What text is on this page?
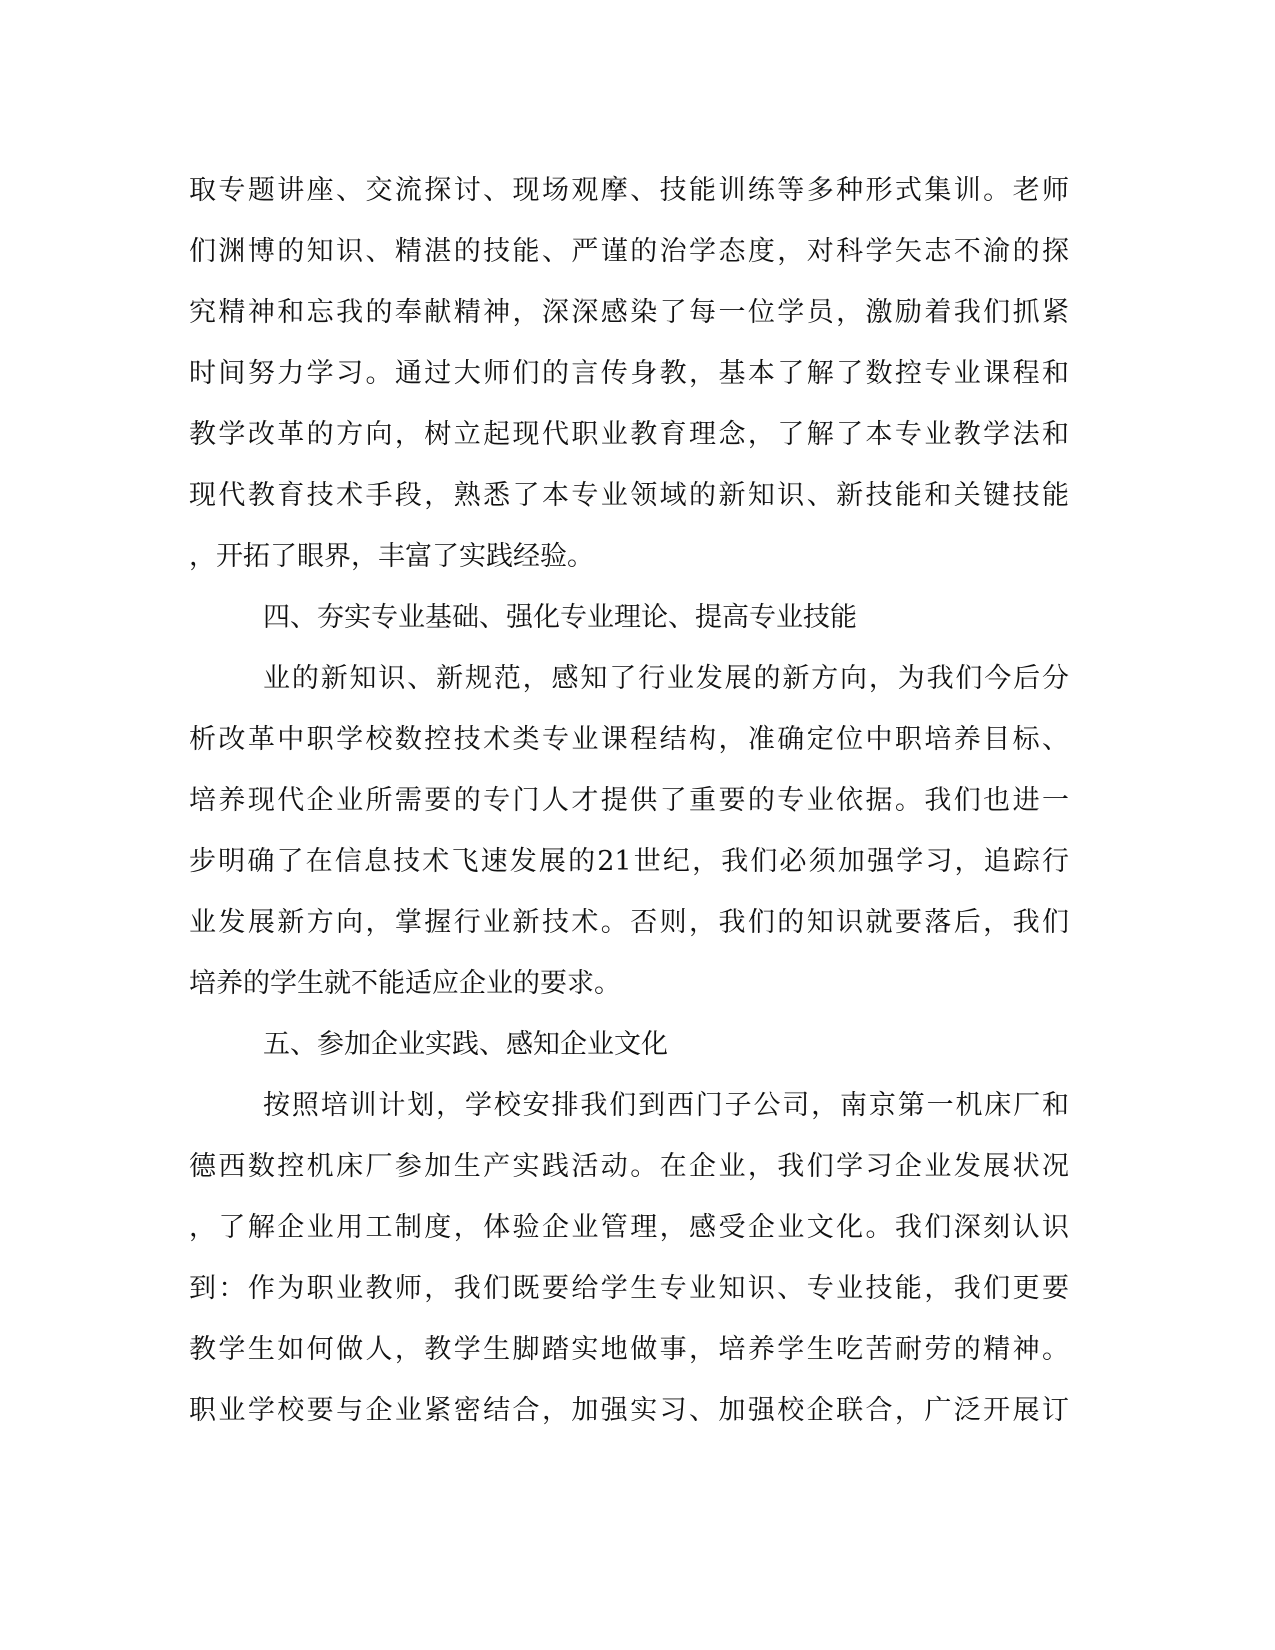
取专题讲座、交流探讨、现场观摩、技能训练等多种形式集训。老师
们渊博的知识、精湛的技能、严谨的治学态度，对科学矢志不渝的探
究精神和忘我的奉献精神，深深感染了每一位学员，激励着我们抓紧
时间努力学习。通过大师们的言传身教，基本了解了数控专业课程和
教学改革的方向，树立起现代职业教育理念，了解了本专业教学法和
现代教育技术手段，熟悉了本专业领域的新知识、新技能和关键技能
，开拓了眼界，丰富了实践经验。
四、夯实专业基础、强化专业理论、提高专业技能
业的新知识、新规范，感知了行业发展的新方向，为我们今后分
析改革中职学校数控技术类专业课程结构，准确定位中职培养目标、
培养现代企业所需要的专门人才提供了重要的专业依据。我们也进一
步明确了在信息技术飞速发展的21世纪，我们必须加强学习，追踪行
业发展新方向，掌握行业新技术。否则，我们的知识就要落后，我们
培养的学生就不能适应企业的要求。
五、参加企业实践、感知企业文化
按照培训计划，学校安排我们到西门子公司，南京第一机床厂和
德西数控机床厂参加生产实践活动。在企业，我们学习企业发展状况
，了解企业用工制度，体验企业管理，感受企业文化。我们深刻认识
到：作为职业教师，我们既要给学生专业知识、专业技能，我们更要
教学生如何做人，教学生脚踏实地做事，培养学生吃苦耐劳的精神。
职业学校要与企业紧密结合，加强实习、加强校企联合，广泛开展订
